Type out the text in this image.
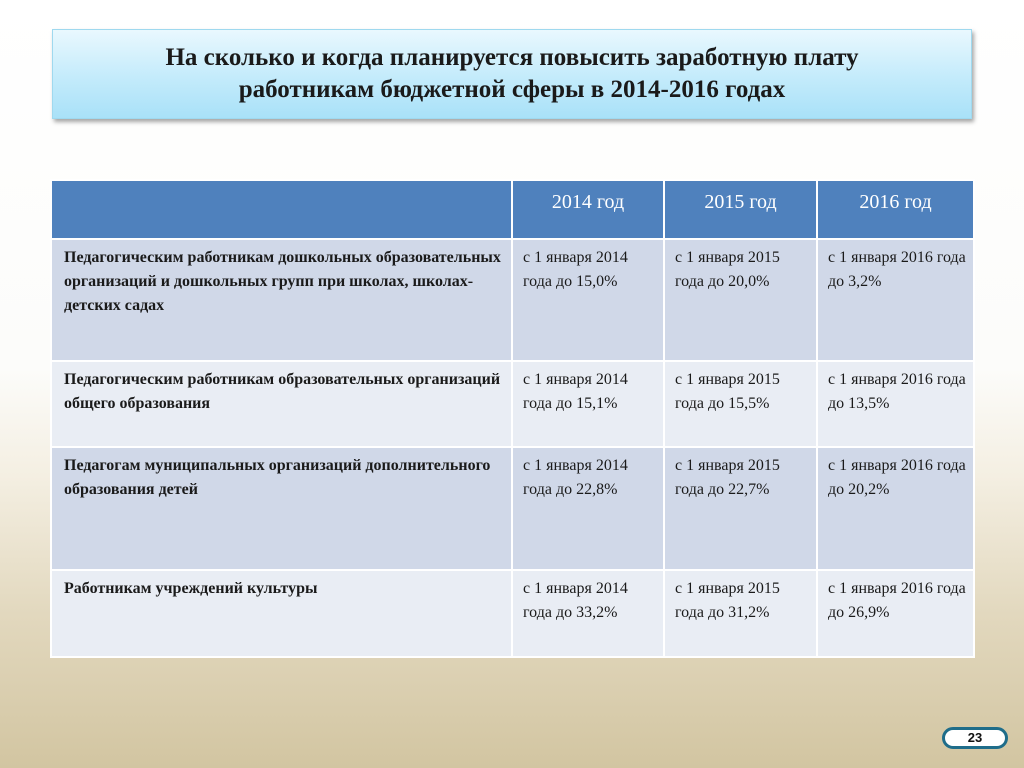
На сколько и когда планируется повысить заработную плату
работникам бюджетной сферы в 2014-2016 годах
	2014 год	2015 год	2016 год
Педагогическим работникам дошкольных образовательных организаций и дошкольных групп при школах, школах-детских садах	с 1 января 2014 года до 15,0%	с 1 января 2015 года до 20,0%	с 1 января 2016 года до 3,2%
Педагогическим работникам образовательных организаций общего образования	с 1 января 2014 года до 15,1%	с 1 января 2015 года до 15,5%	с 1 января 2016 года до 13,5%
Педагогам муниципальных организаций дополнительного образования детей	с 1 января 2014 года до 22,8%	с 1 января 2015 года до 22,7%	с 1 января 2016 года до 20,2%
Работникам учреждений культуры	с 1 января 2014 года до 33,2%	с 1 января 2015 года до 31,2%	с 1 января 2016 года до 26,9%
23
